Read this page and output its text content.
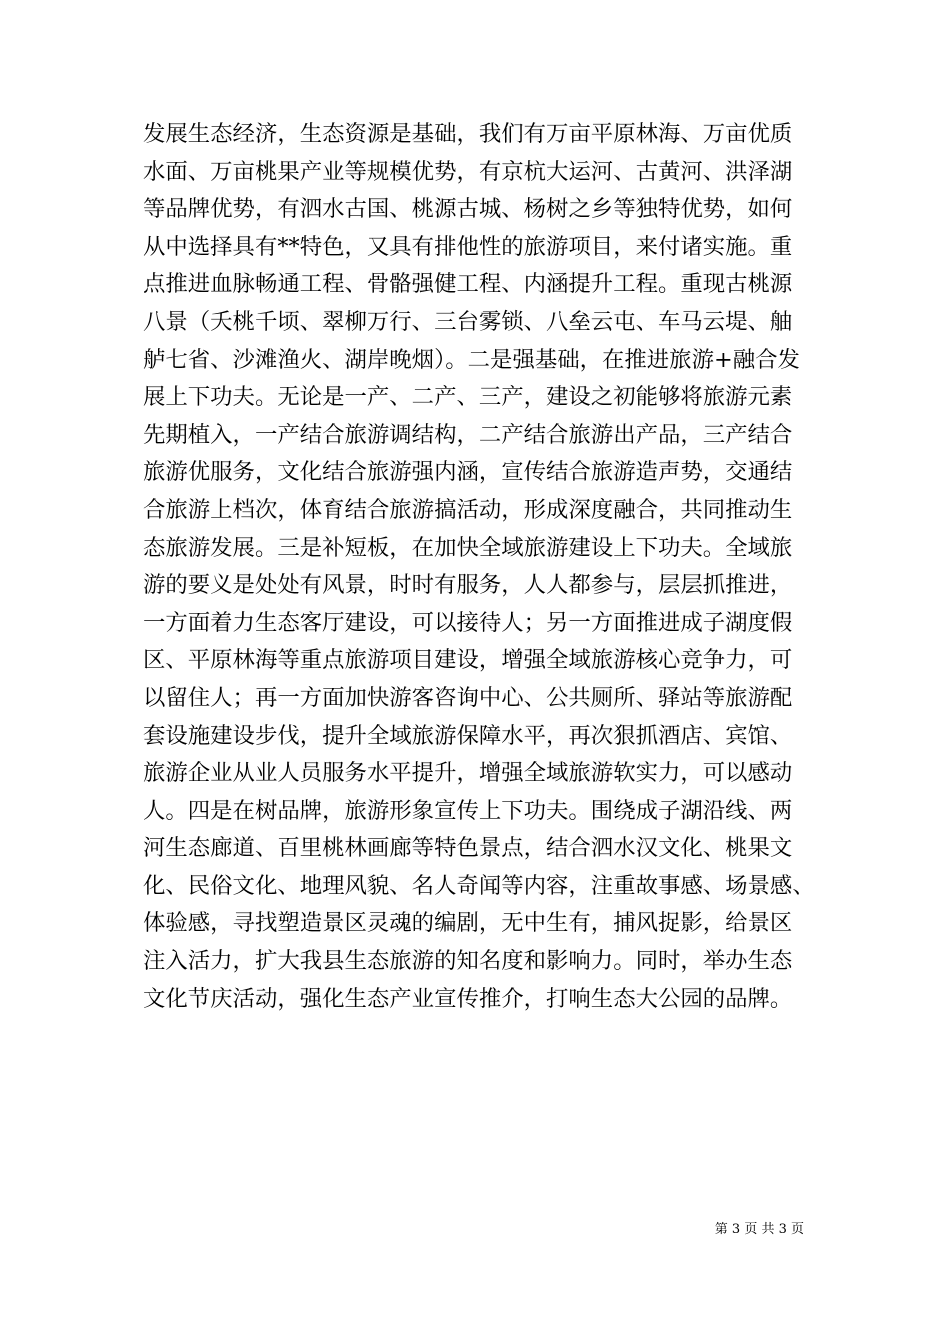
发展生态经济，生态资源是基础，我们有万亩平原林海、万亩优质
水面、万亩桃果产业等规模优势，有京杭大运河、古黄河、洪泽湖
等品牌优势，有泗水古国、桃源古城、杨树之乡等独特优势，如何
从中选择具有**特色，又具有排他性的旅游项目，来付诸实施。重
点推进血脉畅通工程、骨骼强健工程、内涵提升工程。重现古桃源
八景（夭桃千顷、翠柳万行、三台雾锁、八垒云屯、车马云堤、舳
舻七省、沙滩渔火、湖岸晚烟）。二是强基础，在推进旅游+融合发
展上下功夫。无论是一产、二产、三产，建设之初能够将旅游元素
先期植入，一产结合旅游调结构，二产结合旅游出产品，三产结合
旅游优服务，文化结合旅游强内涵，宣传结合旅游造声势，交通结
合旅游上档次，体育结合旅游搞活动，形成深度融合，共同推动生
态旅游发展。三是补短板，在加快全域旅游建设上下功夫。全域旅
游的要义是处处有风景，时时有服务，人人都参与，层层抓推进，
一方面着力生态客厅建设，可以接待人；另一方面推进成子湖度假
区、平原林海等重点旅游项目建设，增强全域旅游核心竞争力，可
以留住人；再一方面加快游客咨询中心、公共厕所、驿站等旅游配
套设施建设步伐，提升全域旅游保障水平，再次狠抓酒店、宾馆、
旅游企业从业人员服务水平提升，增强全域旅游软实力，可以感动
人。四是在树品牌，旅游形象宣传上下功夫。围绕成子湖沿线、两
河生态廊道、百里桃林画廊等特色景点，结合泗水汉文化、桃果文
化、民俗文化、地理风貌、名人奇闻等内容，注重故事感、场景感、
体验感，寻找塑造景区灵魂的编剧，无中生有，捕风捉影，给景区
注入活力，扩大我县生态旅游的知名度和影响力。同时，举办生态
文化节庆活动，强化生态产业宣传推介，打响生态大公园的品牌。
第 3 页 共 3 页
